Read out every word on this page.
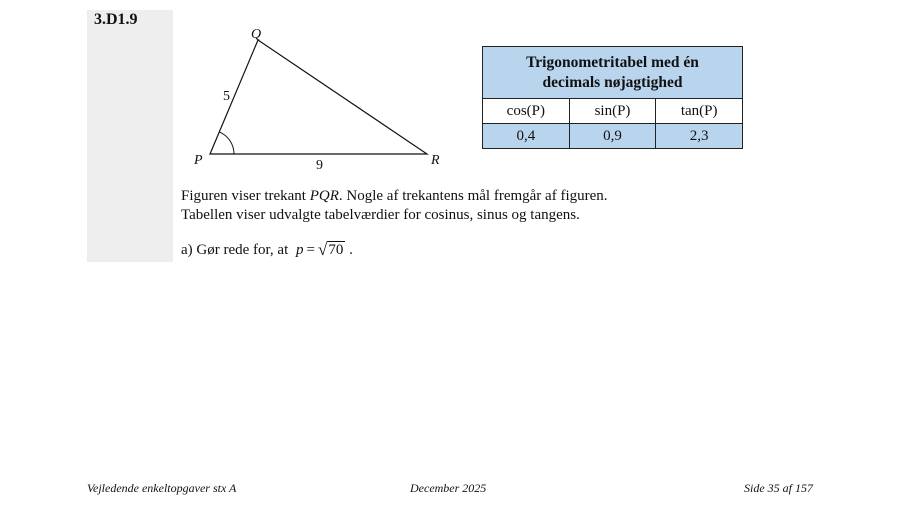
3.D1.9
Q
P	R
5
9
Trigonometritabel med én
decimals nøjagtighed		
cos(P)	sin(P)	tan(P)
0,4	0,9	2,3
Figuren viser trekant PQR. Nogle af trekantens mål fremgår af figuren.
Tabellen viser udvalgte tabelværdier for cosinus, sinus og tangens.
a) Gør rede for, at p = √70 .
Vejledende enkeltopgaver stx A	December 2025	Side 35 af 157
